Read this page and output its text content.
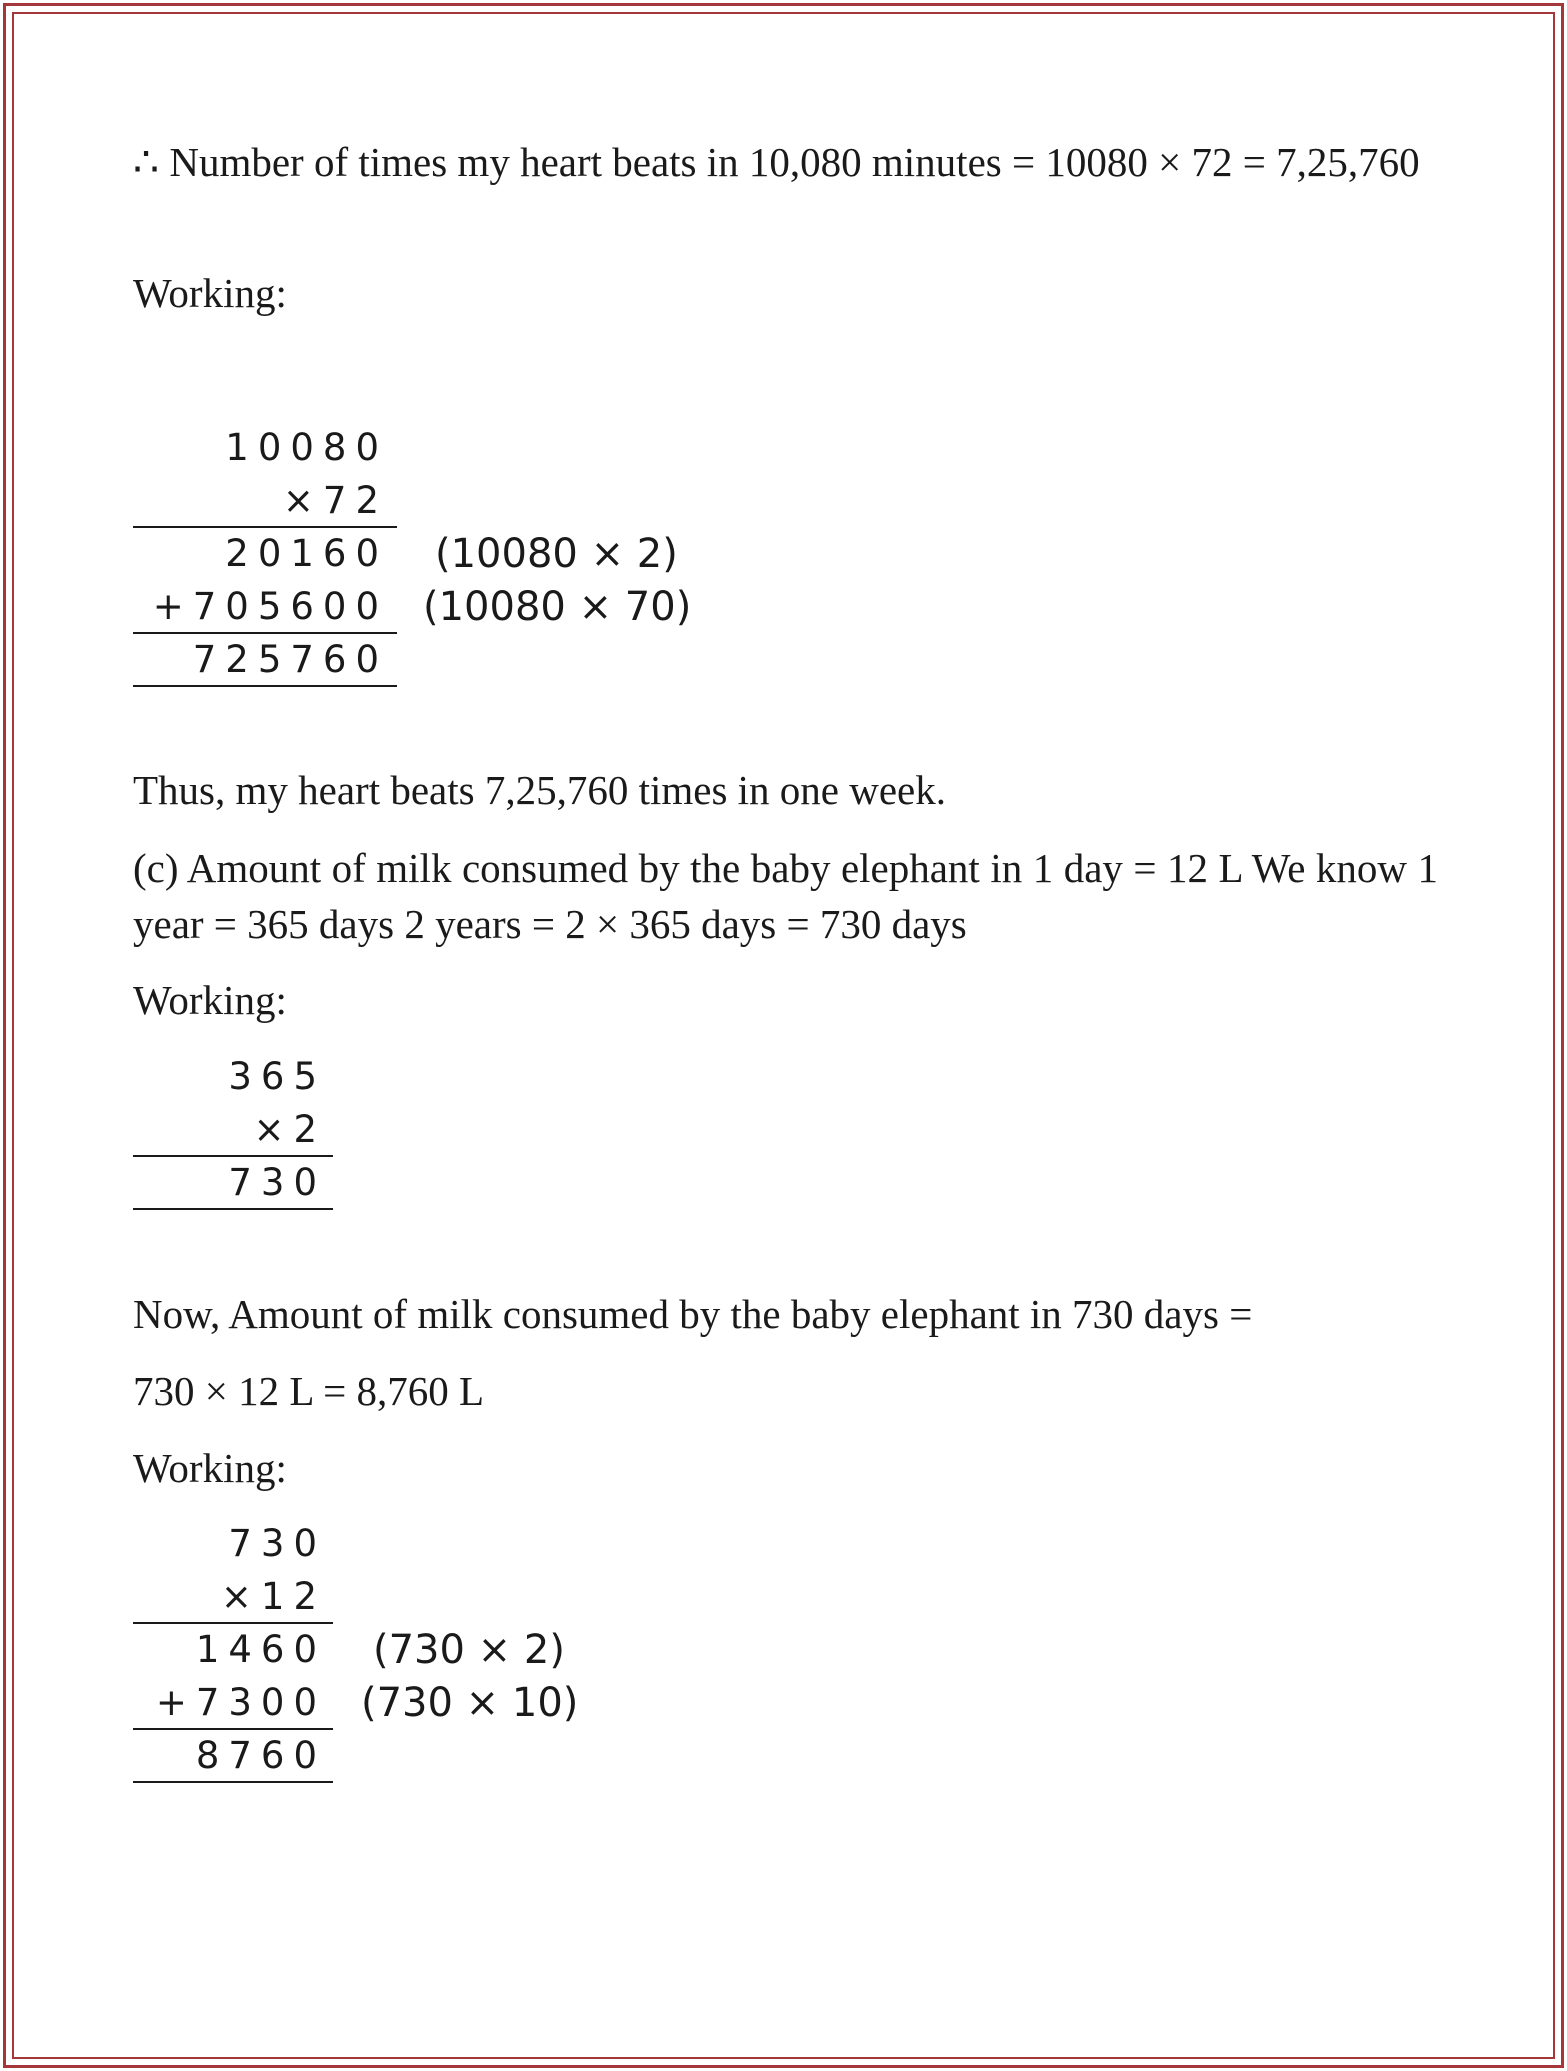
∴ Number of times my heart beats in 10,080 minutes = 10080 × 72 = 7,25,760

Working:

10080
×72
20160 (10080 × 2)
+705600 (10080 × 70)
725760

Thus, my heart beats 7,25,760 times in one week.

(c) Amount of milk consumed by the baby elephant in 1 day = 12 L We know 1 year = 365 days 2 years = 2 × 365 days = 730 days

Working:

365
×2
730

Now, Amount of milk consumed by the baby elephant in 730 days =

730 × 12 L = 8,760 L

Working:

730
×12
1460 (730 × 2)
+7300 (730 × 10)
8760
